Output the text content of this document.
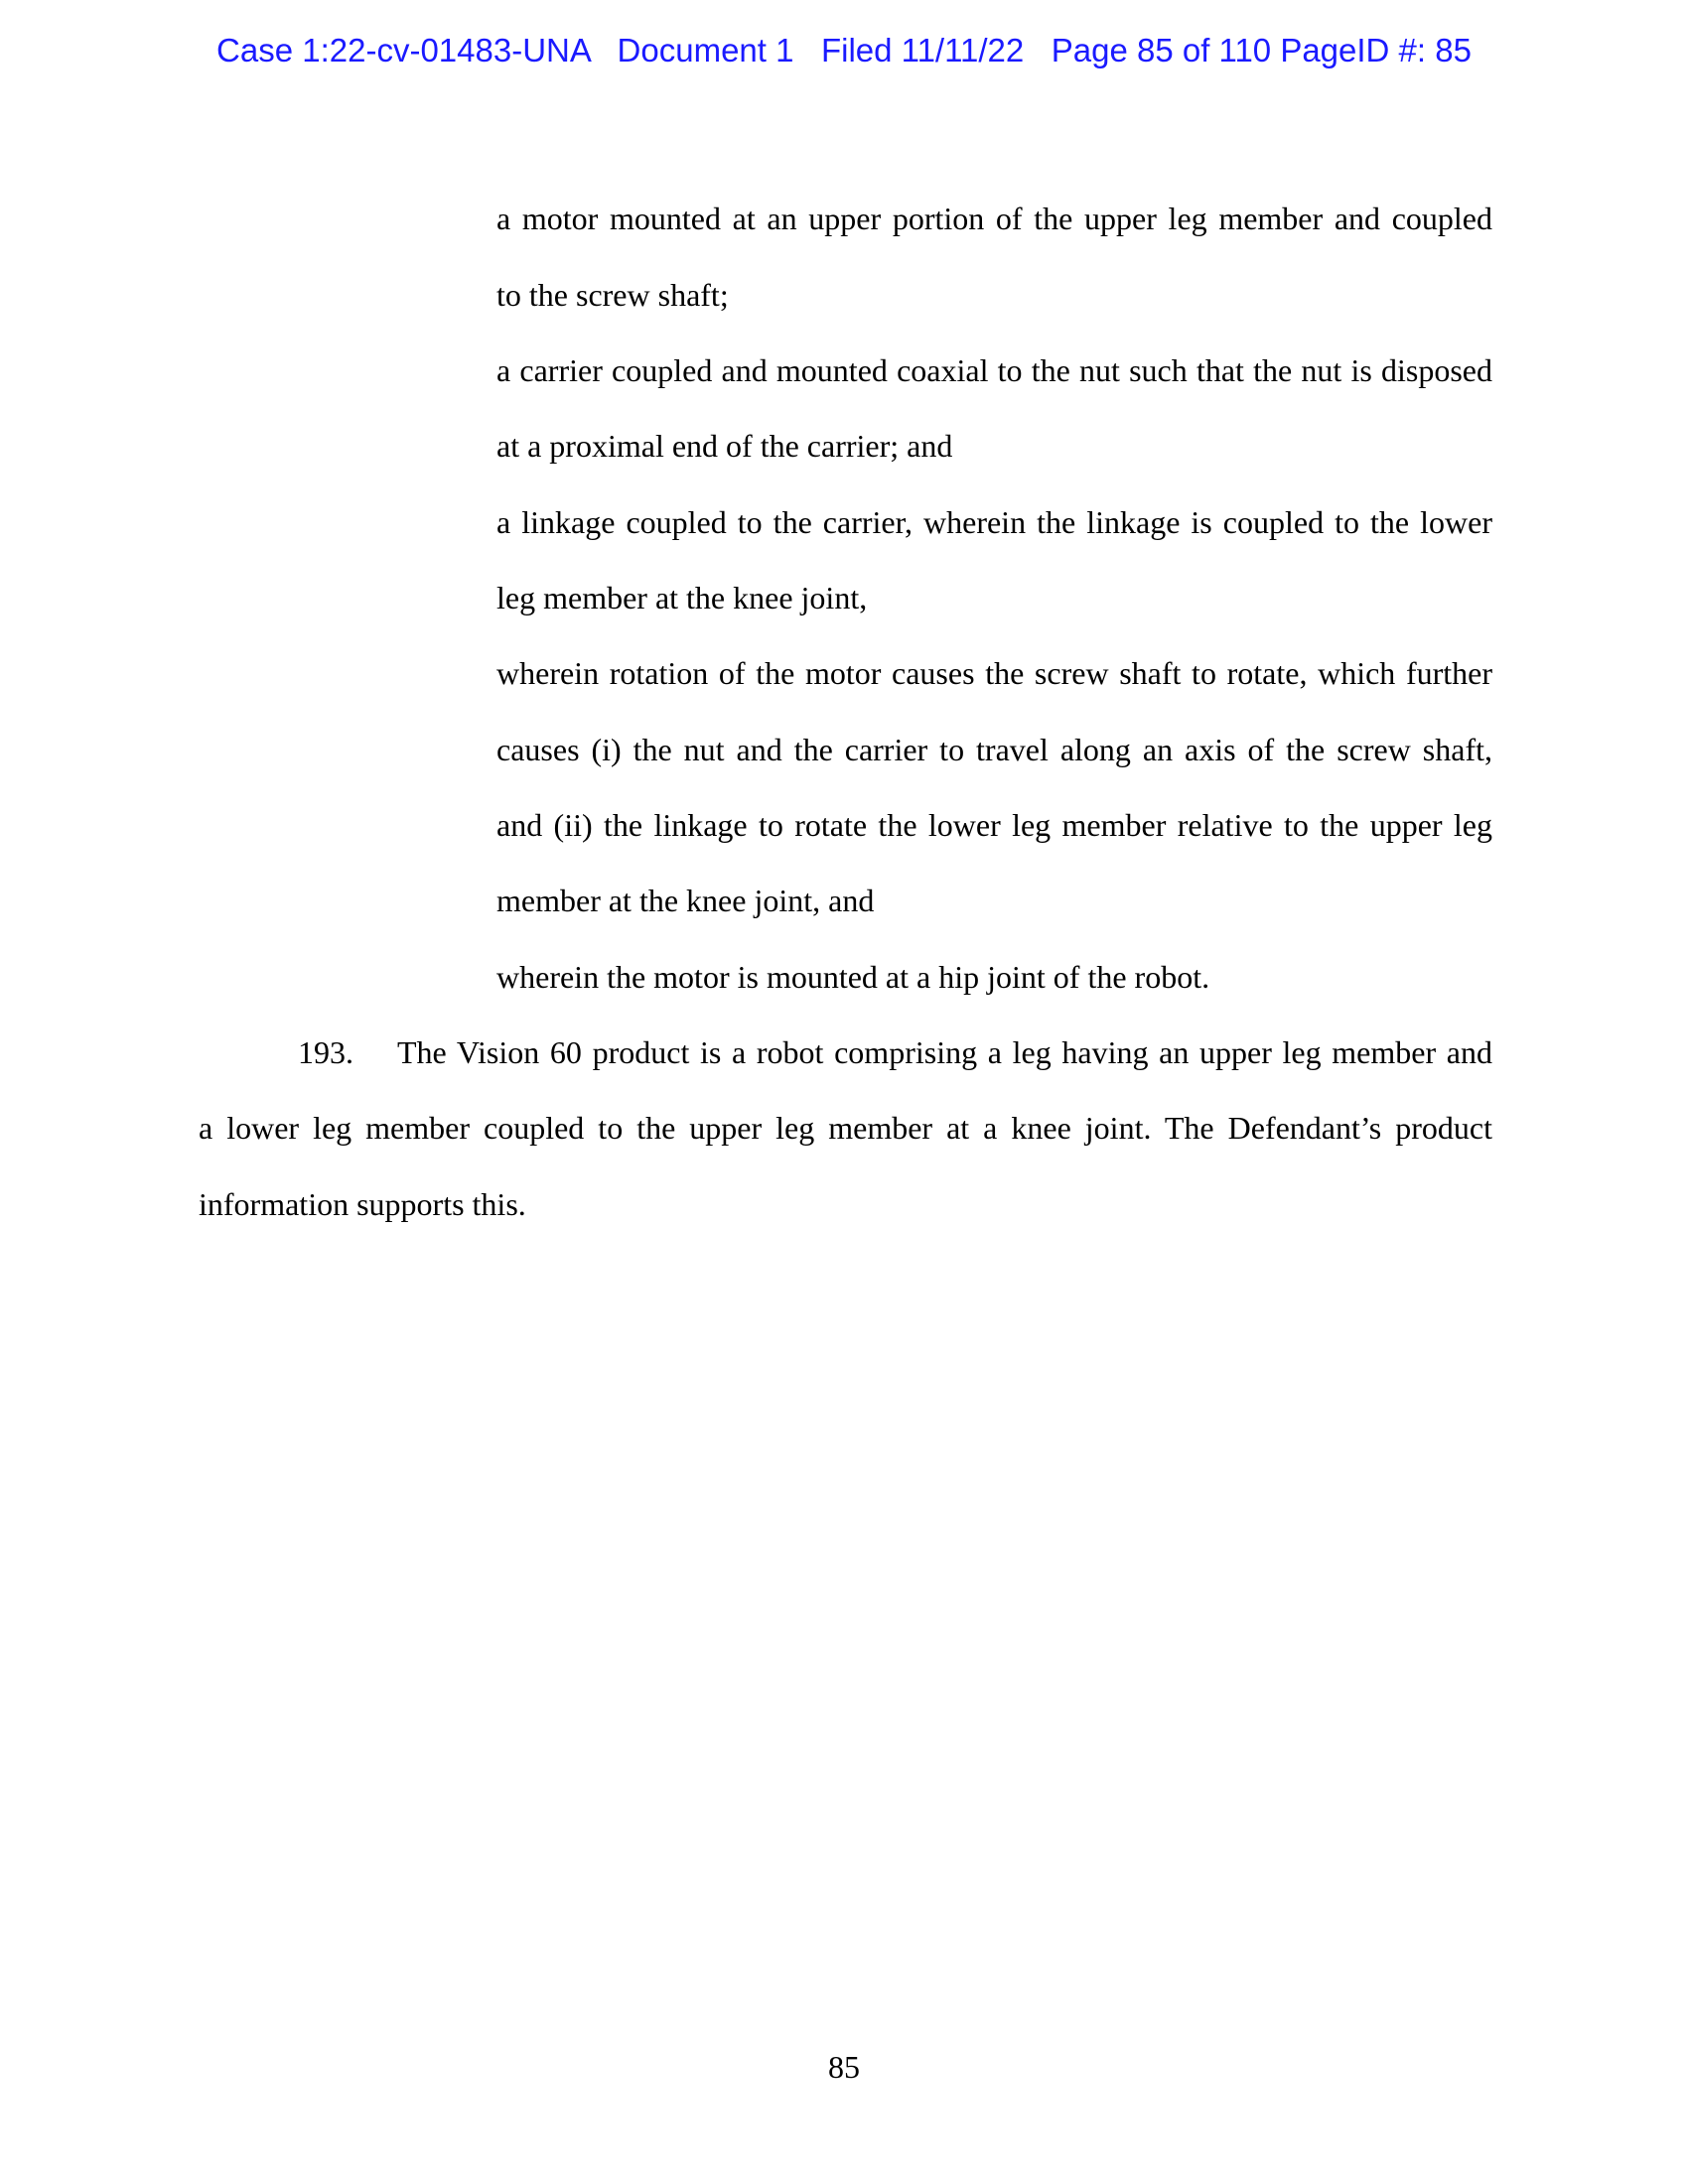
Case 1:22-cv-01483-UNA   Document 1   Filed 11/11/22   Page 85 of 110 PageID #: 85
a motor mounted at an upper portion of the upper leg member and coupled
to the screw shaft;
a carrier coupled and mounted coaxial to the nut such that the nut is disposed
at a proximal end of the carrier; and
a linkage coupled to the carrier, wherein the linkage is coupled to the lower
leg member at the knee joint,
wherein rotation of the motor causes the screw shaft to rotate, which further
causes (i) the nut and the carrier to travel along an axis of the screw shaft,
and (ii) the linkage to rotate the lower leg member relative to the upper leg
member at the knee joint, and
wherein the motor is mounted at a hip joint of the robot.
193. The Vision 60 product is a robot comprising a leg having an upper leg member and
a lower leg member coupled to the upper leg member at a knee joint. The Defendant’s product
information supports this.
85
